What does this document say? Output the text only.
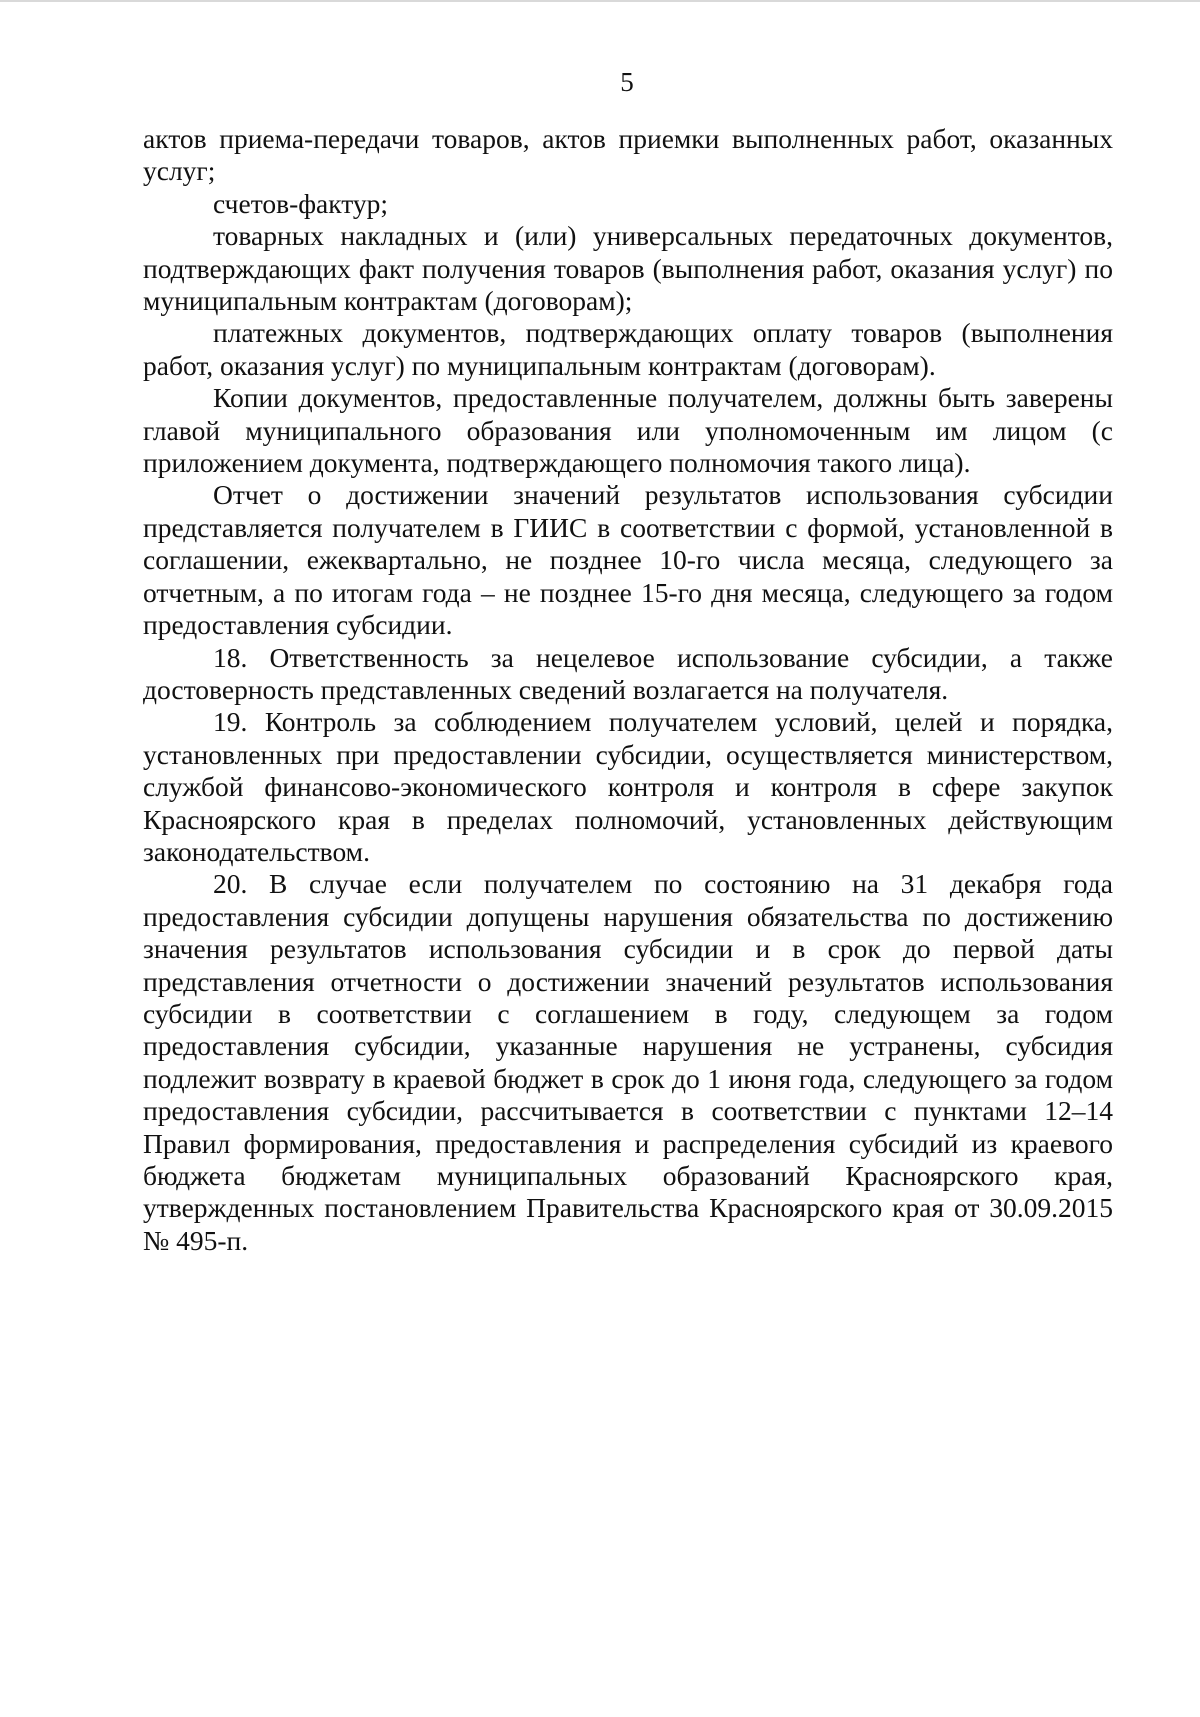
5

актов приема-передачи товаров, актов приемки выполненных работ, оказанных услуг;

счетов-фактур;

товарных накладных и (или) универсальных передаточных документов, подтверждающих факт получения товаров (выполнения работ, оказания услуг) по муниципальным контрактам (договорам);

платежных документов, подтверждающих оплату товаров (выполнения работ, оказания услуг) по муниципальным контрактам (договорам).

Копии документов, предоставленные получателем, должны быть заверены главой муниципального образования или уполномоченным им лицом (с приложением документа, подтверждающего полномочия такого лица).

Отчет о достижении значений результатов использования субсидии представляется получателем в ГИИС в соответствии с формой, установленной в соглашении, ежеквартально, не позднее 10-го числа месяца, следующего за отчетным, а по итогам года – не позднее 15-го дня месяца, следующего за годом предоставления субсидии.

18. Ответственность за нецелевое использование субсидии, а также достоверность представленных сведений возлагается на получателя.

19. Контроль за соблюдением получателем условий, целей и порядка, установленных при предоставлении субсидии, осуществляется министерством, службой финансово-экономического контроля и контроля в сфере закупок Красноярского края в пределах полномочий, установленных действующим законодательством.

20. В случае если получателем по состоянию на 31 декабря года предоставления субсидии допущены нарушения обязательства по достижению значения результатов использования субсидии и в срок до первой даты представления отчетности о достижении значений результатов использования субсидии в соответствии с соглашением в году, следующем за годом предоставления субсидии, указанные нарушения не устранены, субсидия подлежит возврату в краевой бюджет в срок до 1 июня года, следующего за годом предоставления субсидии, рассчитывается в соответствии с пунктами 12–14 Правил формирования, предоставления и распределения субсидий из краевого бюджета бюджетам муниципальных образований Красноярского края, утвержденных постановлением Правительства Красноярского края от 30.09.2015 № 495-п.
